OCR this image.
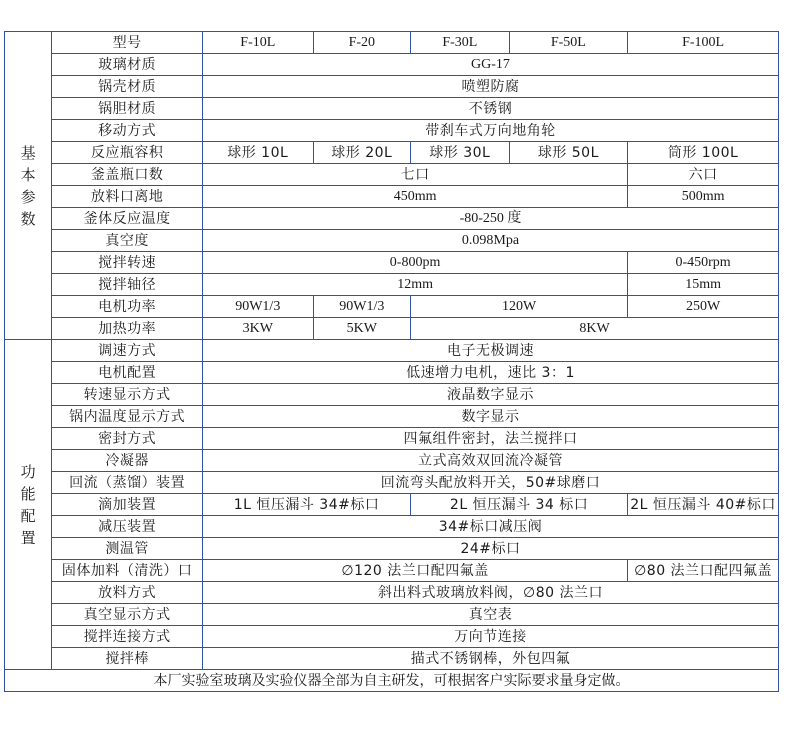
基
本
参
数	型号	F-10L	F-20	F-30L	F-50L	F-100L
	玻璃材质	GG-17				
	锅壳材质	喷塑防腐				
	锅胆材质	不锈钢				
	移动方式	带刹车式万向地角轮				
	反应瓶容积	球形 10L	球形 20L	球形 30L	球形 50L	筒形 100L
	釜盖瓶口数	七口				六口
	放料口离地	450mm				500mm
	釜体反应温度	-80-250 度				
	真空度	0.098Mpa				
	搅拌转速	0-800pm				0-450rpm
	搅拌轴径	12mm				15mm
	电机功率	90W1/3	90W1/3	120W		250W
	加热功率	3KW	5KW	8KW		
功
能
配
置	调速方式	电子无极调速				
	电机配置	低速增力电机，速比 3：1				
	转速显示方式	液晶数字显示				
	锅内温度显示方式	数字显示				
	密封方式	四氟组件密封，法兰搅拌口				
	冷凝器	立式高效双回流冷凝管				
	回流（蒸馏）装置	回流弯头配放料开关，50#球磨口				
	滴加装置	1L 恒压漏斗 34#标口		2L 恒压漏斗 34 标口		2L 恒压漏斗 40#标口
	减压装置	34#标口减压阀				
	测温管	24#标口				
	固体加料（清洗）口	∅120 法兰口配四氟盖				∅80 法兰口配四氟盖
	放料方式	斜出料式玻璃放料阀，∅80 法兰口				
	真空显示方式	真空表				
	搅拌连接方式	万向节连接				
	搅拌棒	描式不锈钢棒，外包四氟				
本厂实验室玻璃及实验仪器全部为自主研发，可根据客户实际要求量身定做。						
